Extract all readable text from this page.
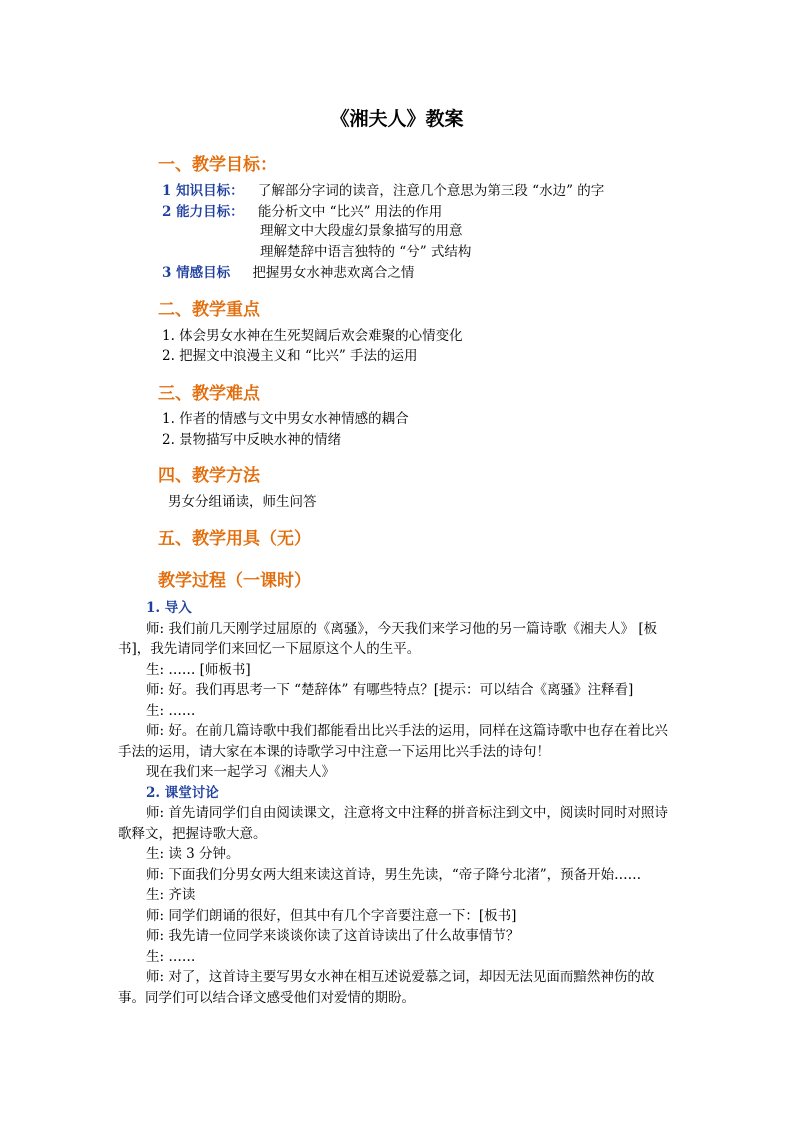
《湘夫人》教案
一、教学目标：
1 知识目标： 了解部分字词的读音，注意几个意思为第三段 “水边” 的字
2 能力目标： 能分析文中 “比兴” 用法的作用
理解文中大段虚幻景象描写的用意
理解楚辞中语言独特的 “兮” 式结构
3 情感目标 把握男女水神悲欢离合之情
二、教学重点
1. 体会男女水神在生死契阔后欢会难聚的心情变化
2. 把握文中浪漫主义和 “比兴” 手法的运用
三、教学难点
1. 作者的情感与文中男女水神情感的耦合
2. 景物描写中反映水神的情绪
四、教学方法
男女分组诵读，师生问答
五、教学用具（无）
教学过程（一课时）

1. 导入

师: 我们前几天刚学过屈原的《离骚》，今天我们来学习他的另一篇诗歌《湘夫人》 [板书]，我先请同学们来回忆一下屈原这个人的生平。

生: …… [师板书]

师: 好。我们再思考一下 “楚辞体” 有哪些特点？[提示：可以结合《离骚》注释看]

生: ……

师: 好。在前几篇诗歌中我们都能看出比兴手法的运用，同样在这篇诗歌中也存在着比兴手法的运用，请大家在本课的诗歌学习中注意一下运用比兴手法的诗句！

现在我们来一起学习《湘夫人》

2. 课堂讨论

师: 首先请同学们自由阅读课文，注意将文中注释的拼音标注到文中，阅读时同时对照诗歌释文，把握诗歌大意。

生: 读 3 分钟。

师: 下面我们分男女两大组来读这首诗，男生先读，“帝子降兮北渚”，预备开始……

生: 齐读

师: 同学们朗诵的很好，但其中有几个字音要注意一下：[板书]

师: 我先请一位同学来谈谈你读了这首诗读出了什么故事情节？

生: ……

师: 对了，这首诗主要写男女水神在相互述说爱慕之词，却因无法见面而黯然神伤的故事。同学们可以结合译文感受他们对爱情的期盼。
